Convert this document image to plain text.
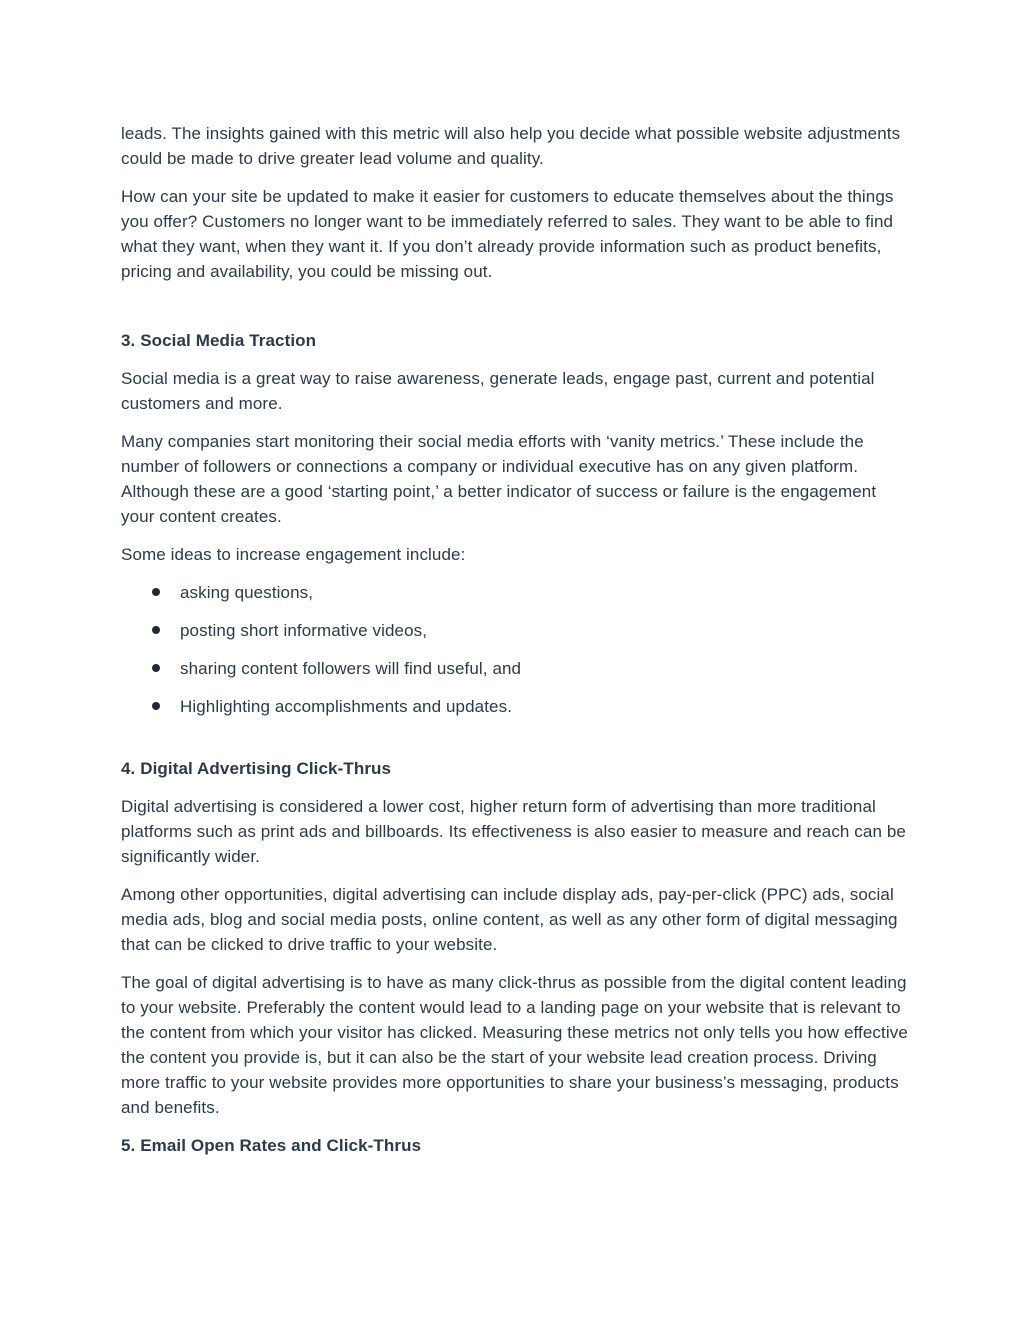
leads. The insights gained with this metric will also help you decide what possible website adjustments could be made to drive greater lead volume and quality.

How can your site be updated to make it easier for customers to educate themselves about the things you offer? Customers no longer want to be immediately referred to sales. They want to be able to find what they want, when they want it. If you don’t already provide information such as product benefits, pricing and availability, you could be missing out.

3. Social Media Traction

Social media is a great way to raise awareness, generate leads, engage past, current and potential customers and more.

Many companies start monitoring their social media efforts with ‘vanity metrics.’ These include the number of followers or connections a company or individual executive has on any given platform. Although these are a good ‘starting point,’ a better indicator of success or failure is the engagement your content creates.

Some ideas to increase engagement include:

asking questions,
posting short informative videos,
sharing content followers will find useful, and
Highlighting accomplishments and updates.
4. Digital Advertising Click-Thrus

Digital advertising is considered a lower cost, higher return form of advertising than more traditional platforms such as print ads and billboards. Its effectiveness is also easier to measure and reach can be significantly wider.

Among other opportunities, digital advertising can include display ads, pay-per-click (PPC) ads, social media ads, blog and social media posts, online content, as well as any other form of digital messaging that can be clicked to drive traffic to your website.

The goal of digital advertising is to have as many click-thrus as possible from the digital content leading to your website. Preferably the content would lead to a landing page on your website that is relevant to the content from which your visitor has clicked. Measuring these metrics not only tells you how effective the content you provide is, but it can also be the start of your website lead creation process. Driving more traffic to your website provides more opportunities to share your business’s messaging, products and benefits.

5. Email Open Rates and Click-Thrus
